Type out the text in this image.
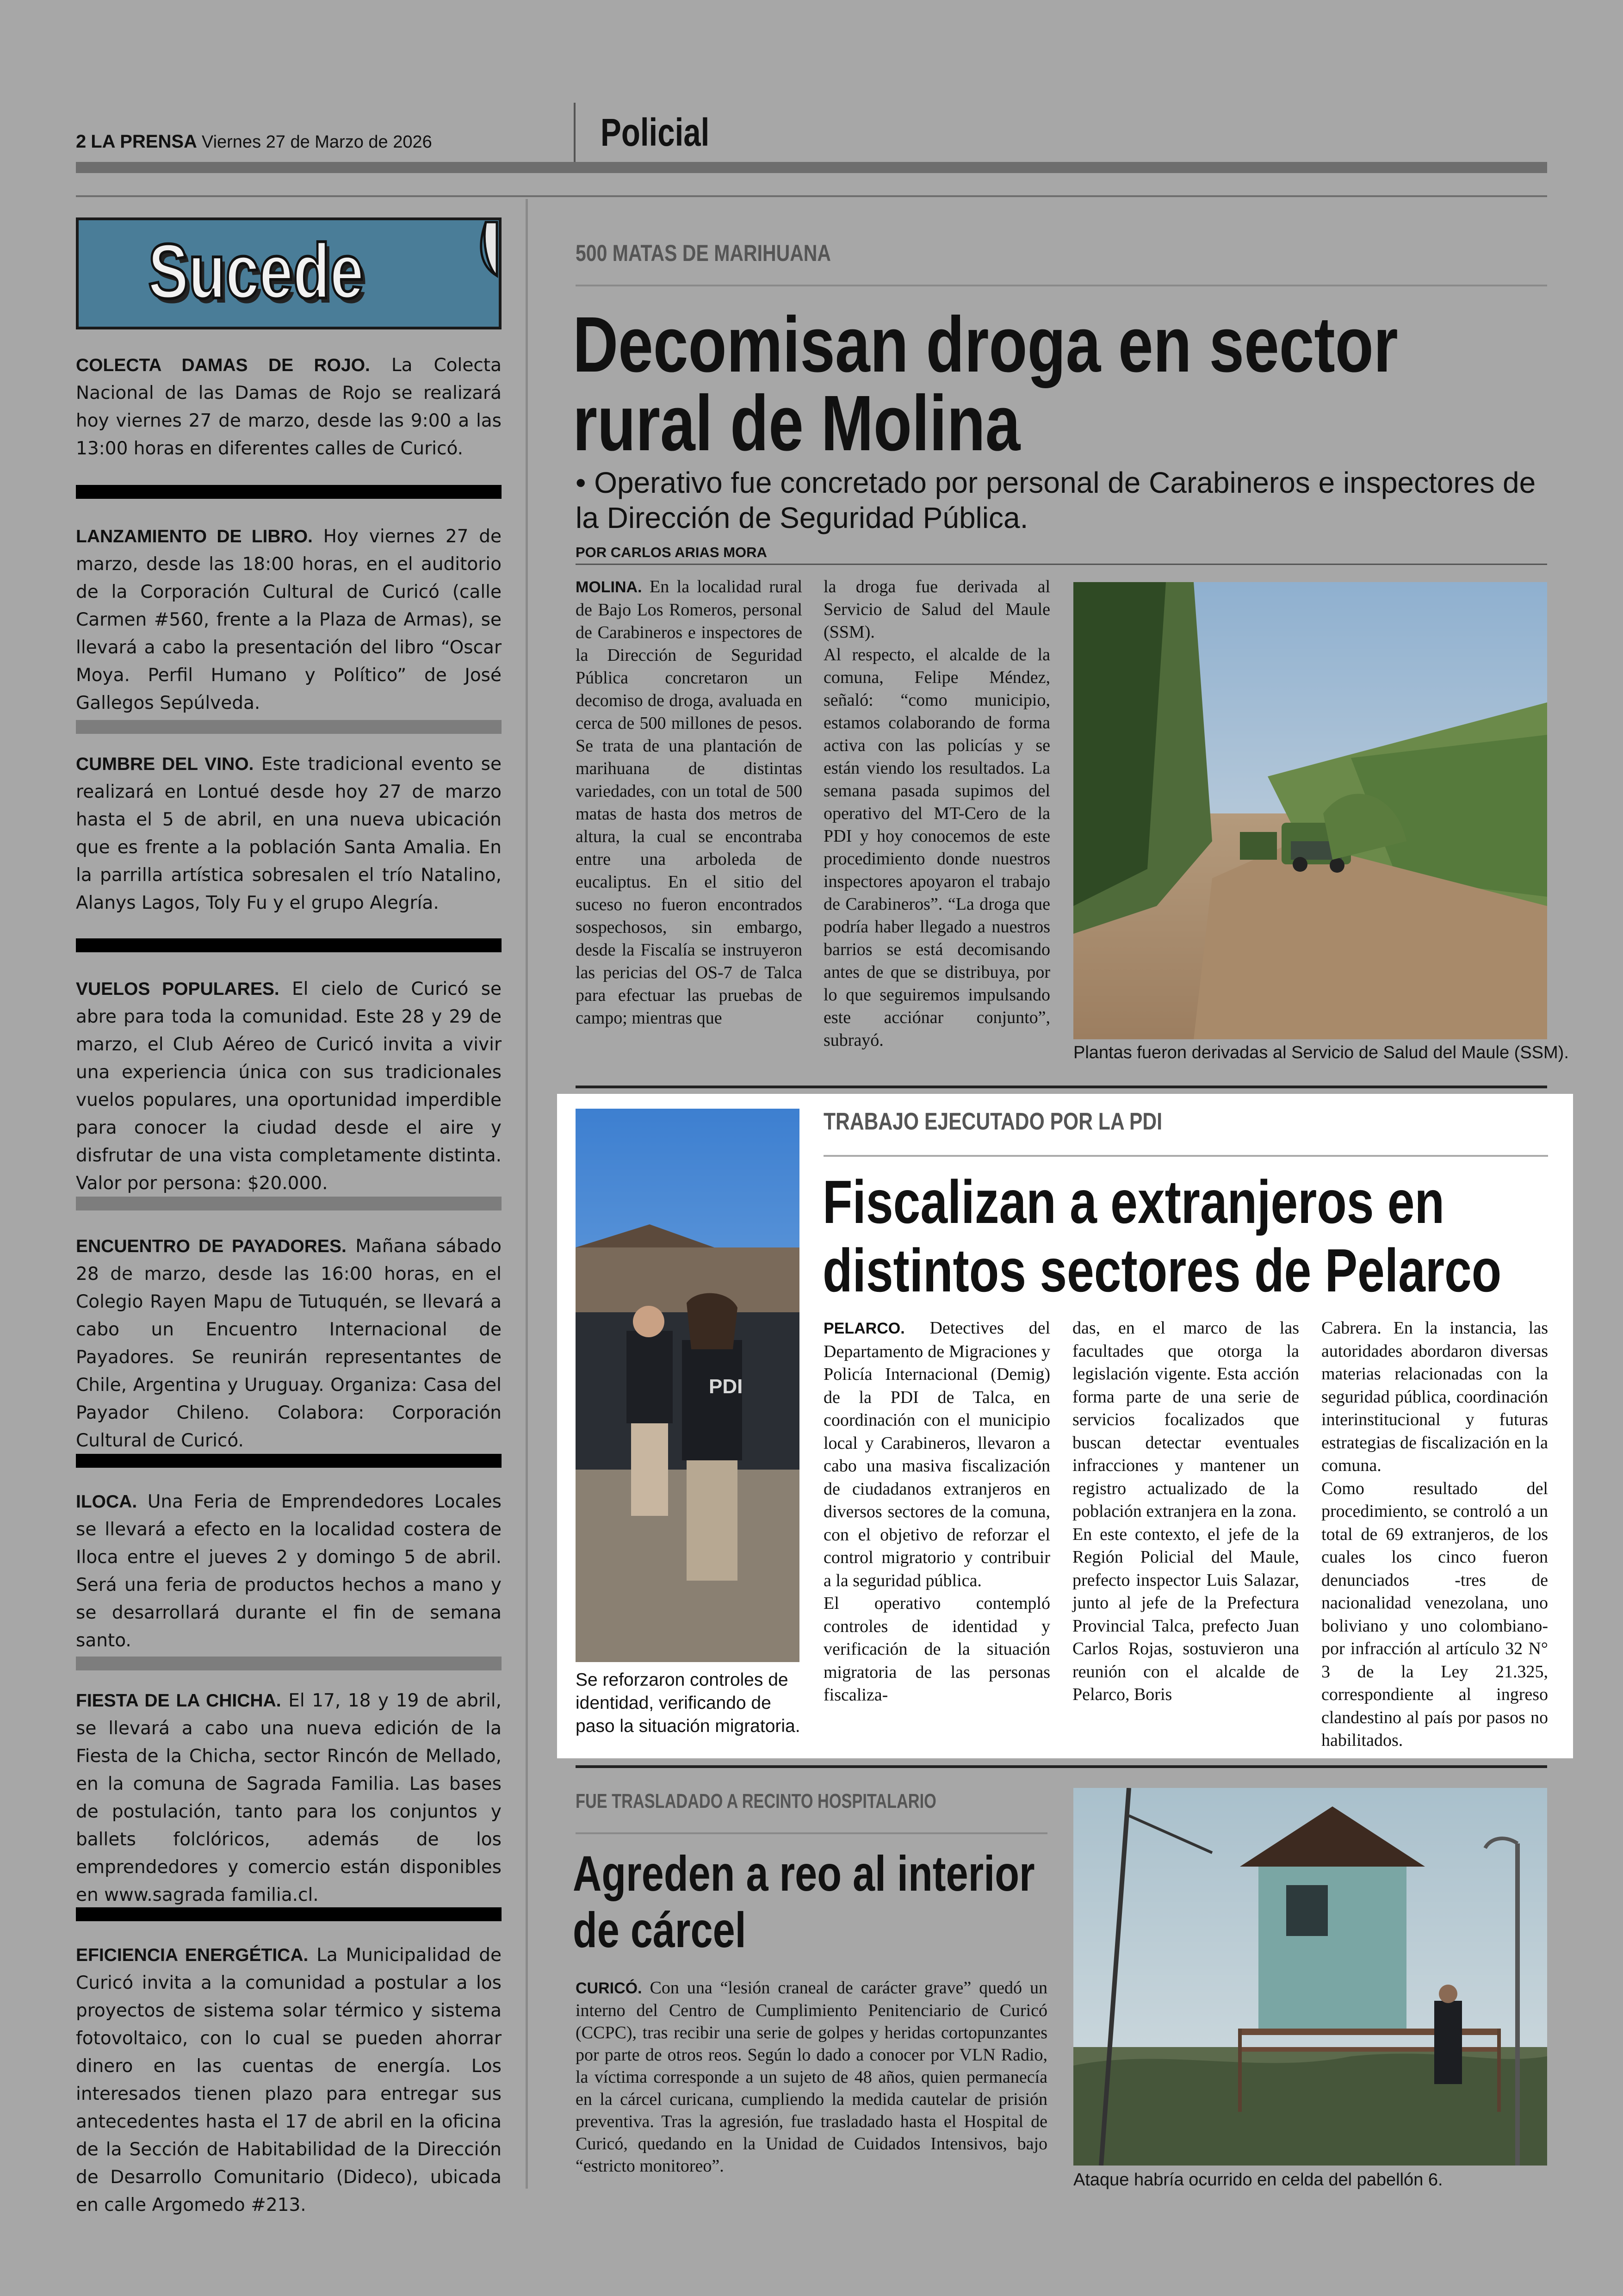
2 LA PRENSA Viernes 27 de Marzo de 2026	Policial
Sucede
COLECTA DAMAS DE ROJO. La Colecta Nacional de las Damas de Rojo se realizará hoy viernes 27 de marzo, desde las 9:00 a las 13:00 horas en diferentes calles de Curicó.
LANZAMIENTO DE LIBRO. Hoy viernes 27 de marzo, desde las 18:00 horas, en el auditorio de la Corporación Cultural de Curicó (calle Carmen #560, frente a la Plaza de Armas), se llevará a cabo la presentación del libro “Oscar Moya. Perfil Humano y Político” de José Gallegos Sepúlveda.
CUMBRE DEL VINO. Este tradicional evento se realizará en Lontué desde hoy 27 de marzo hasta el 5 de abril, en una nueva ubicación que es frente a la población Santa Amalia. En la parrilla artística sobresalen el trío Natalino, Alanys Lagos, Toly Fu y el grupo Alegría.
VUELOS POPULARES. El cielo de Curicó se abre para toda la comunidad. Este 28 y 29 de marzo, el Club Aéreo de Curicó invita a vivir una experiencia única con sus tradicionales vuelos populares, una oportunidad imperdible para conocer la ciudad desde el aire y disfrutar de una vista completamente distinta. Valor por persona: $20.000.
ENCUENTRO DE PAYADORES. Mañana sábado 28 de marzo, desde las 16:00 horas, en el Colegio Rayen Mapu de Tutuquén, se llevará a cabo un Encuentro Internacional de Payadores. Se reunirán representantes de Chile, Argentina y Uruguay. Organiza: Casa del Payador Chileno. Colabora: Corporación Cultural de Curicó.
ILOCA. Una Feria de Emprendedores Locales se llevará a efecto en la localidad costera de Iloca entre el jueves 2 y domingo 5 de abril. Será una feria de productos hechos a mano y se desarrollará durante el fin de semana santo.
FIESTA DE LA CHICHA. El 17, 18 y 19 de abril, se llevará a cabo una nueva edición de la Fiesta de la Chicha, sector Rincón de Mellado, en la comuna de Sagrada Familia. Las bases de postulación, tanto para los conjuntos y ballets folclóricos, además de los emprendedores y comercio están disponibles en www.sagrada familia.cl.
EFICIENCIA ENERGÉTICA. La Municipalidad de Curicó invita a la comunidad a postular a los proyectos de sistema solar térmico y sistema fotovoltaico, con lo cual se pueden ahorrar dinero en las cuentas de energía. Los interesados tienen plazo para entregar sus antecedentes hasta el 17 de abril en la oficina de la Sección de Habitabilidad de la Dirección de Desarrollo Comunitario (Dideco), ubicada en calle Argomedo #213.
500 MATAS DE MARIHUANA
Decomisan droga en sector rural de Molina
• Operativo fue concretado por personal de Carabineros e inspectores de la Dirección de Seguridad Pública.
POR CARLOS ARIAS MORA
MOLINA. En la localidad rural de Bajo Los Romeros, personal de Carabineros e inspectores de la Dirección de Seguridad Pública concretaron un decomiso de droga, avaluada en cerca de 500 millones de pesos. Se trata de una plantación de marihuana de distintas variedades, con un total de 500 matas de hasta dos metros de altura, la cual se encontraba entre una arboleda de eucaliptus. En el sitio del suceso no fueron encontrados sospechosos, sin embargo, desde la Fiscalía se instruyeron las pericias del OS-7 de Talca para efectuar las pruebas de campo; mientras que
la droga fue derivada al Servicio de Salud del Maule (SSM).
Al respecto, el alcalde de la comuna, Felipe Méndez, señaló: “como municipio, estamos colaborando de forma activa con las policías y se están viendo los resultados. La semana pasada supimos del operativo del MT-Cero de la PDI y hoy conocemos de este procedimiento donde nuestros inspectores apoyaron el trabajo de Carabineros”. “La droga que podría haber llegado a nuestros barrios se está decomisando antes de que se distribuya, por lo que seguiremos impulsando este acciónar conjunto”, subrayó.
Plantas fueron derivadas al Servicio de Salud del Maule (SSM).
PDI
Se reforzaron controles de identidad, verificando de paso la situación migratoria.
TRABAJO EJECUTADO POR LA PDI
Fiscalizan a extranjeros en distintos sectores de Pelarco
PELARCO. Detectives del Departamento de Migraciones y Policía Internacional (Demig) de la PDI de Talca, en coordinación con el municipio local y Carabineros, llevaron a cabo una masiva fiscalización de ciudadanos extranjeros en diversos sectores de la comuna, con el objetivo de reforzar el control migratorio y contribuir a la seguridad pública.
El operativo contempló controles de identidad y verificación de la situación migratoria de las personas fiscaliza-
das, en el marco de las facultades que otorga la legislación vigente. Esta acción forma parte de una serie de servicios focalizados que buscan detectar eventuales infracciones y mantener un registro actualizado de la población extranjera en la zona.
En este contexto, el jefe de la Región Policial del Maule, prefecto inspector Luis Salazar, junto al jefe de la Prefectura Provincial Talca, prefecto Juan Carlos Rojas, sostuvieron una reunión con el alcalde de Pelarco, Boris
Cabrera. En la instancia, las autoridades abordaron diversas materias relacionadas con la seguridad pública, coordinación interinstitucional y futuras estrategias de fiscalización en la comuna.
Como resultado del procedimiento, se controló a un total de 69 extranjeros, de los cuales los cinco fueron denunciados -tres de nacionalidad venezolana, uno boliviano y uno colombiano- por infracción al artículo 32 N° 3 de la Ley 21.325, correspondiente al ingreso clandestino al país por pasos no habilitados.
FUE TRASLADADO A RECINTO HOSPITALARIO
Agreden a reo al interior de cárcel
CURICÓ. Con una “lesión craneal de carácter grave” quedó un interno del Centro de Cumplimiento Penitenciario de Curicó (CCPC), tras recibir una serie de golpes y heridas cortopunzantes por parte de otros reos. Según lo dado a conocer por VLN Radio, la víctima corresponde a un sujeto de 48 años, quien permanecía en la cárcel curicana, cumpliendo la medida cautelar de prisión preventiva. Tras la agresión, fue trasladado hasta el Hospital de Curicó, quedando en la Unidad de Cuidados Intensivos, bajo “estricto monitoreo”.
Ataque habría ocurrido en celda del pabellón 6.
